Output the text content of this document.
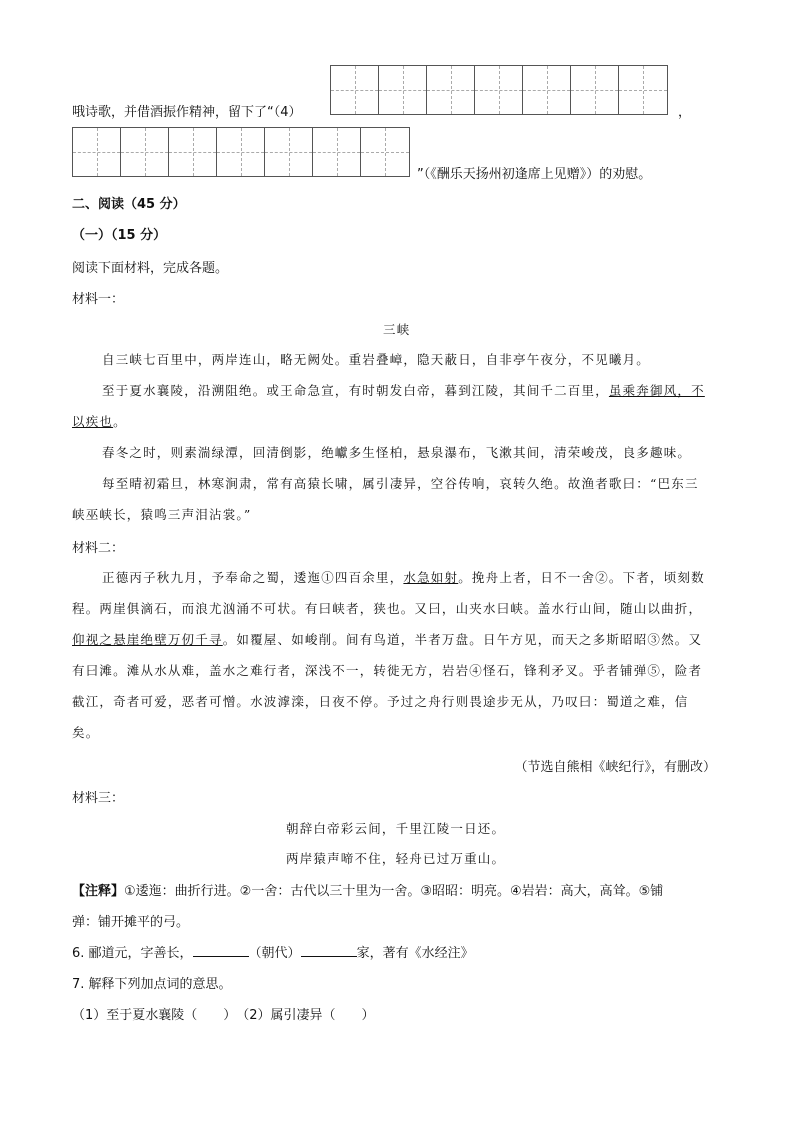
哦诗歌，并借酒振作精神，留下了“（4）	，
”（《酬乐天扬州初逢席上见赠》）的劝慰。
二、阅读（45 分）
（一）（15 分）
阅读下面材料，完成各题。
材料一：
三峡
自三峡七百里中，两岸连山，略无阙处。重岩叠嶂，隐天蔽日，自非亭午夜分，不见曦月。
至于夏水襄陵，沿溯阻绝。或王命急宣，有时朝发白帝，暮到江陵，其间千二百里，虽乘奔御风，不
以疾也。
春冬之时，则素湍绿潭，回清倒影，绝巘多生怪柏，悬泉瀑布，飞漱其间，清荣峻茂，良多趣味。
每至晴初霜旦，林寒涧肃，常有高猿长啸，属引凄异，空谷传响，哀转久绝。故渔者歌曰：“巴东三
峡巫峡长，猿鸣三声泪沾裳。”
材料二：
正德丙子秋九月，予奉命之蜀，逶迤①四百余里，水急如射。挽舟上者，日不一舍②。下者，顷刻数
程。两崖俱滴石，而浪尤汹涌不可状。有曰峡者，狭也。又曰，山夹水曰峡。盖水行山间，随山以曲折，
仰视之悬崖绝壁万仞千寻。如覆屋、如峻削。间有鸟道，半者万盘。日午方见，而天之多斯昭昭③然。又
有曰滩。滩从水从难，盖水之难行者，深浅不一，转徙无方，岩岩④怪石，锋利矛叉。乎者铺弹⑤，险者
截江，奇者可爱，恶者可憎。水波滹滦，日夜不停。予过之舟行则畏途步无从，乃叹曰：蜀道之难，信
矣。
（节选自熊相《峡纪行》，有删改）
材料三：
朝辞白帝彩云间，千里江陵一日还。
两岸猿声啼不住，轻舟已过万重山。
【注释】①逶迤：曲折行进。②一舍：古代以三十里为一舍。③昭昭：明亮。④岩岩：高大，高耸。⑤铺
弹：铺开摊平的弓。
6. 郦道元，字善长，	（朝代）	家，著有《水经注》
7. 解释下列加点词的意思。
（1）至于夏水襄陵（　　）　（2）属引凄异（　　）
